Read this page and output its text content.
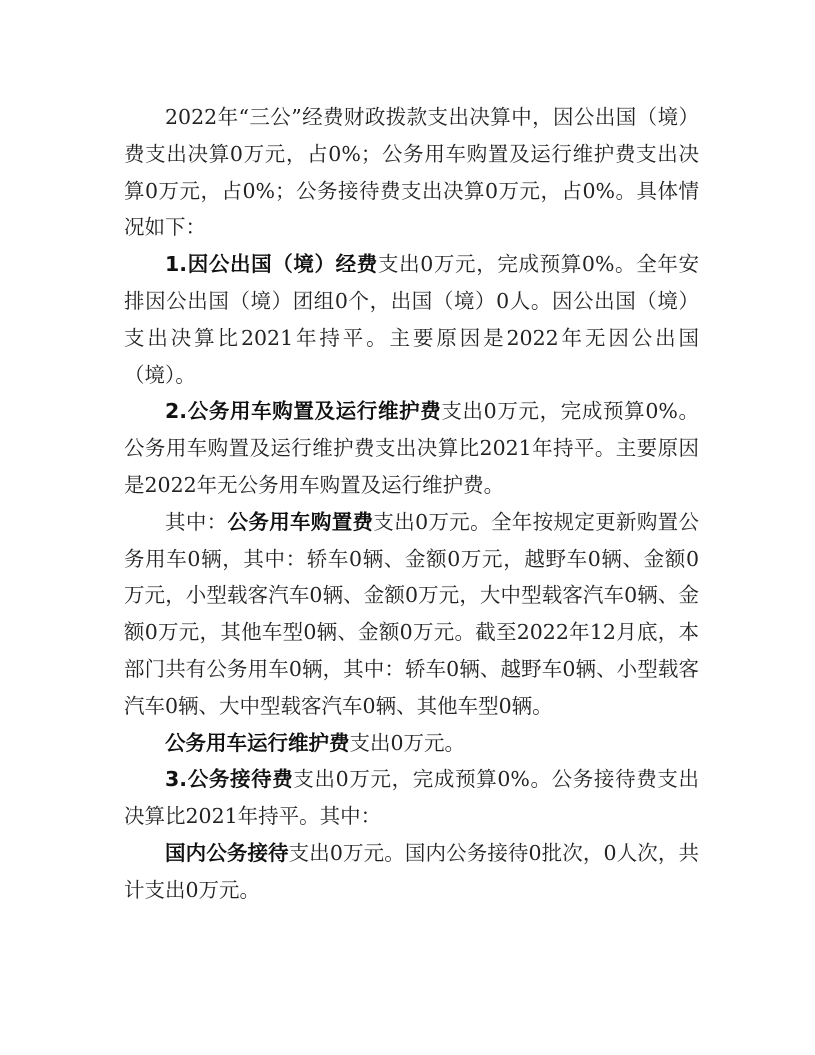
2022年“三公”经费财政拨款支出决算中，因公出国（境）费支出决算0万元，占0%；公务用车购置及运行维护费支出决算0万元，占0%；公务接待费支出决算0万元，占0%。具体情况如下：

1.因公出国（境）经费支出0万元，完成预算0%。全年安排因公出国（境）团组0个，出国（境）0人。因公出国（境）支出决算比2021年持平。主要原因是2022年无因公出国（境）。

2.公务用车购置及运行维护费支出0万元，完成预算0%。公务用车购置及运行维护费支出决算比2021年持平。主要原因是2022年无公务用车购置及运行维护费。

其中：公务用车购置费支出0万元。全年按规定更新购置公务用车0辆，其中：轿车0辆、金额0万元，越野车0辆、金额0万元，小型载客汽车0辆、金额0万元，大中型载客汽车0辆、金额0万元，其他车型0辆、金额0万元。截至2022年12月底，本部门共有公务用车0辆，其中：轿车0辆、越野车0辆、小型载客汽车0辆、大中型载客汽车0辆、其他车型0辆。

公务用车运行维护费支出0万元。

3.公务接待费支出0万元，完成预算0%。公务接待费支出决算比2021年持平。其中：

国内公务接待支出0万元。国内公务接待0批次，0人次，共计支出0万元。
